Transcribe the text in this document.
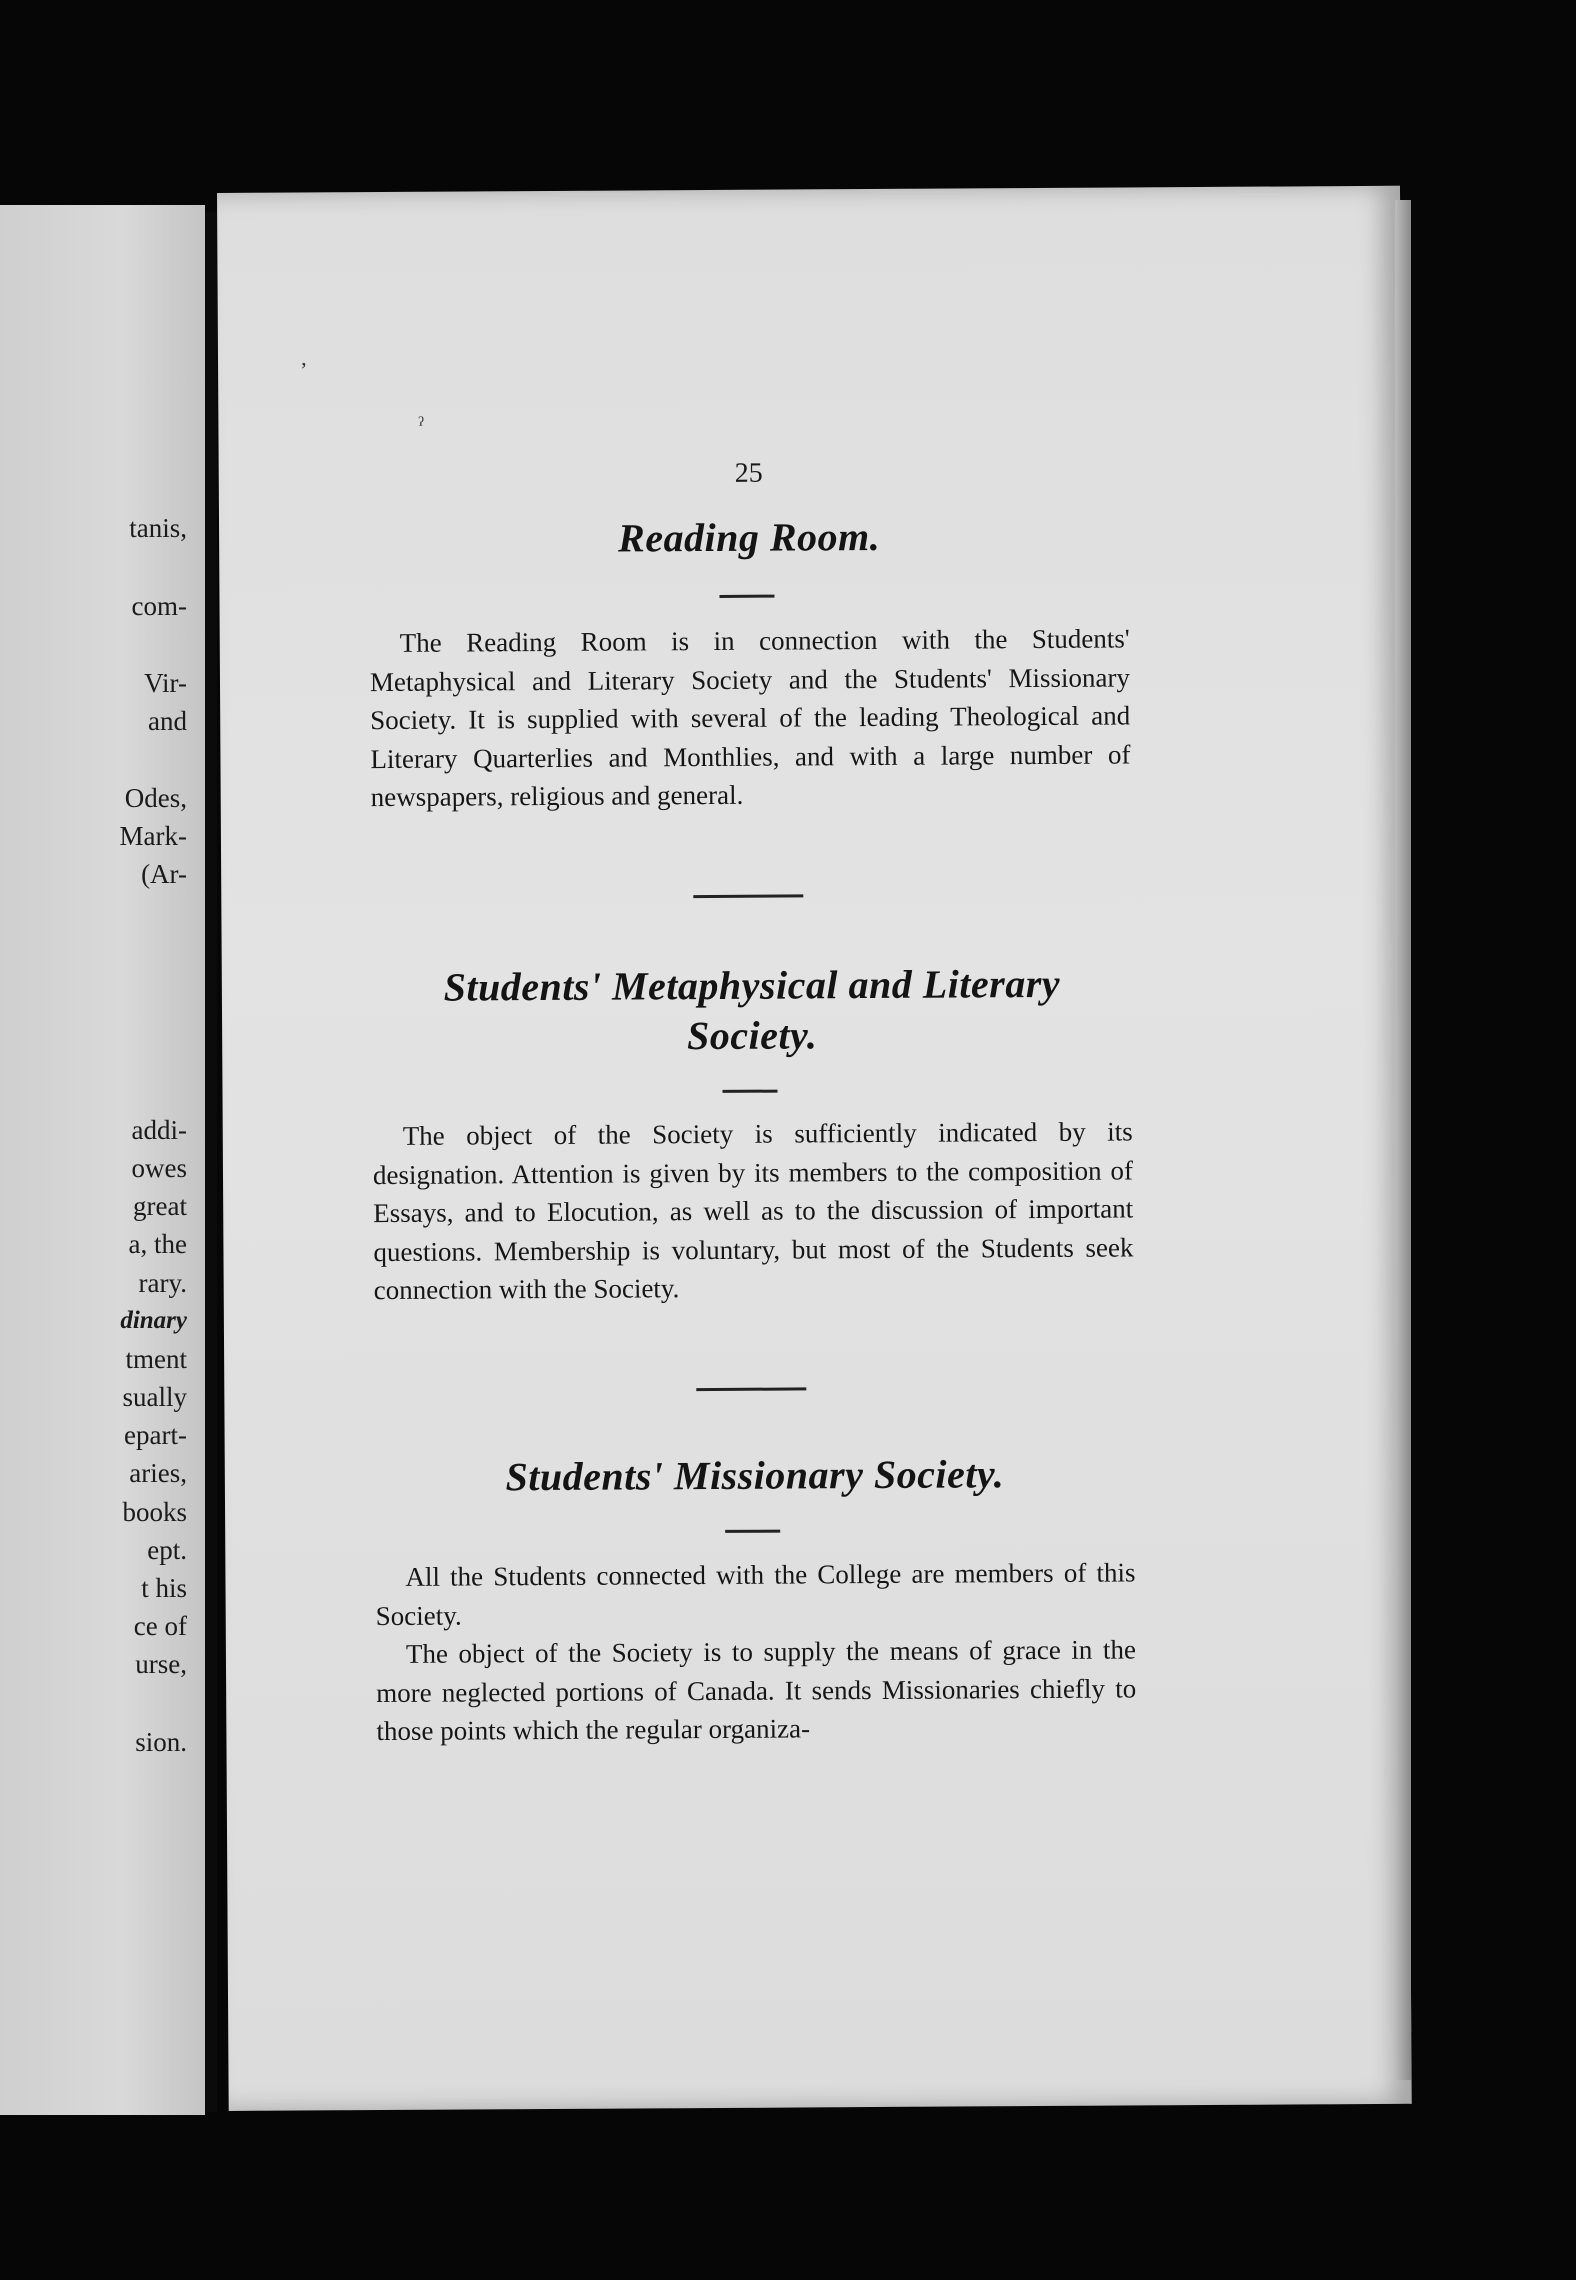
tanis,
com-
Vir-
and
Odes,
Mark-
(Ar-
addi-
owes
great
a, the
rary.
dinary
tment
sually
epart-
aries,
books
ept.
t his
ce of
urse,
sion.
ʼ
ˀ
25
Reading Room.

The Reading Room is in connection with the Students' Metaphysical and Literary Society and the Students' Missionary Society. It is supplied with several of the leading Theological and Literary Quarterlies and Monthlies, and with a large number of newspapers, religious and general.

Students' Metaphysical and Literary
Society.

The object of the Society is sufficiently indicated by its designation. Attention is given by its members to the composition of Essays, and to Elocution, as well as to the discussion of important questions. Membership is voluntary, but most of the Students seek connection with the Society.

Students' Missionary Society.

All the Students connected with the College are members of this Society.

The object of the Society is to supply the means of grace in the more neglected portions of Canada. It sends Missionaries chiefly to those points which the regular organiza-
